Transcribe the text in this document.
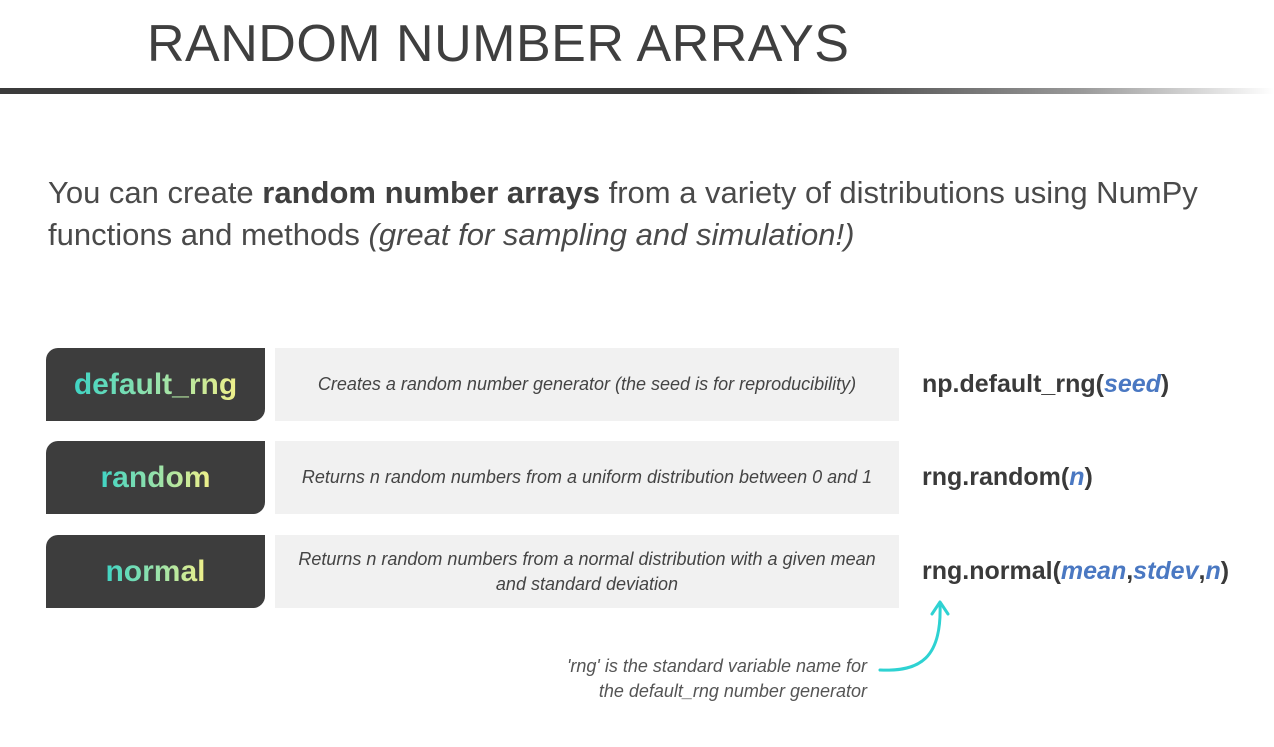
RANDOM NUMBER ARRAYS

You can create random number arrays from a variety of distributions using NumPy functions and methods (great for sampling and simulation!)

default_rng	Creates a random number generator (the seed is for reproducibility)	np.default_rng( seed )
random	Returns n random numbers from a uniform distribution between 0 and 1	rng.random( n )
normal	Returns n random numbers from a normal distribution with a given mean and standard deviation	rng.normal( mean , stdev , n )

'rng' is the standard variable name for
the default_rng number generator
